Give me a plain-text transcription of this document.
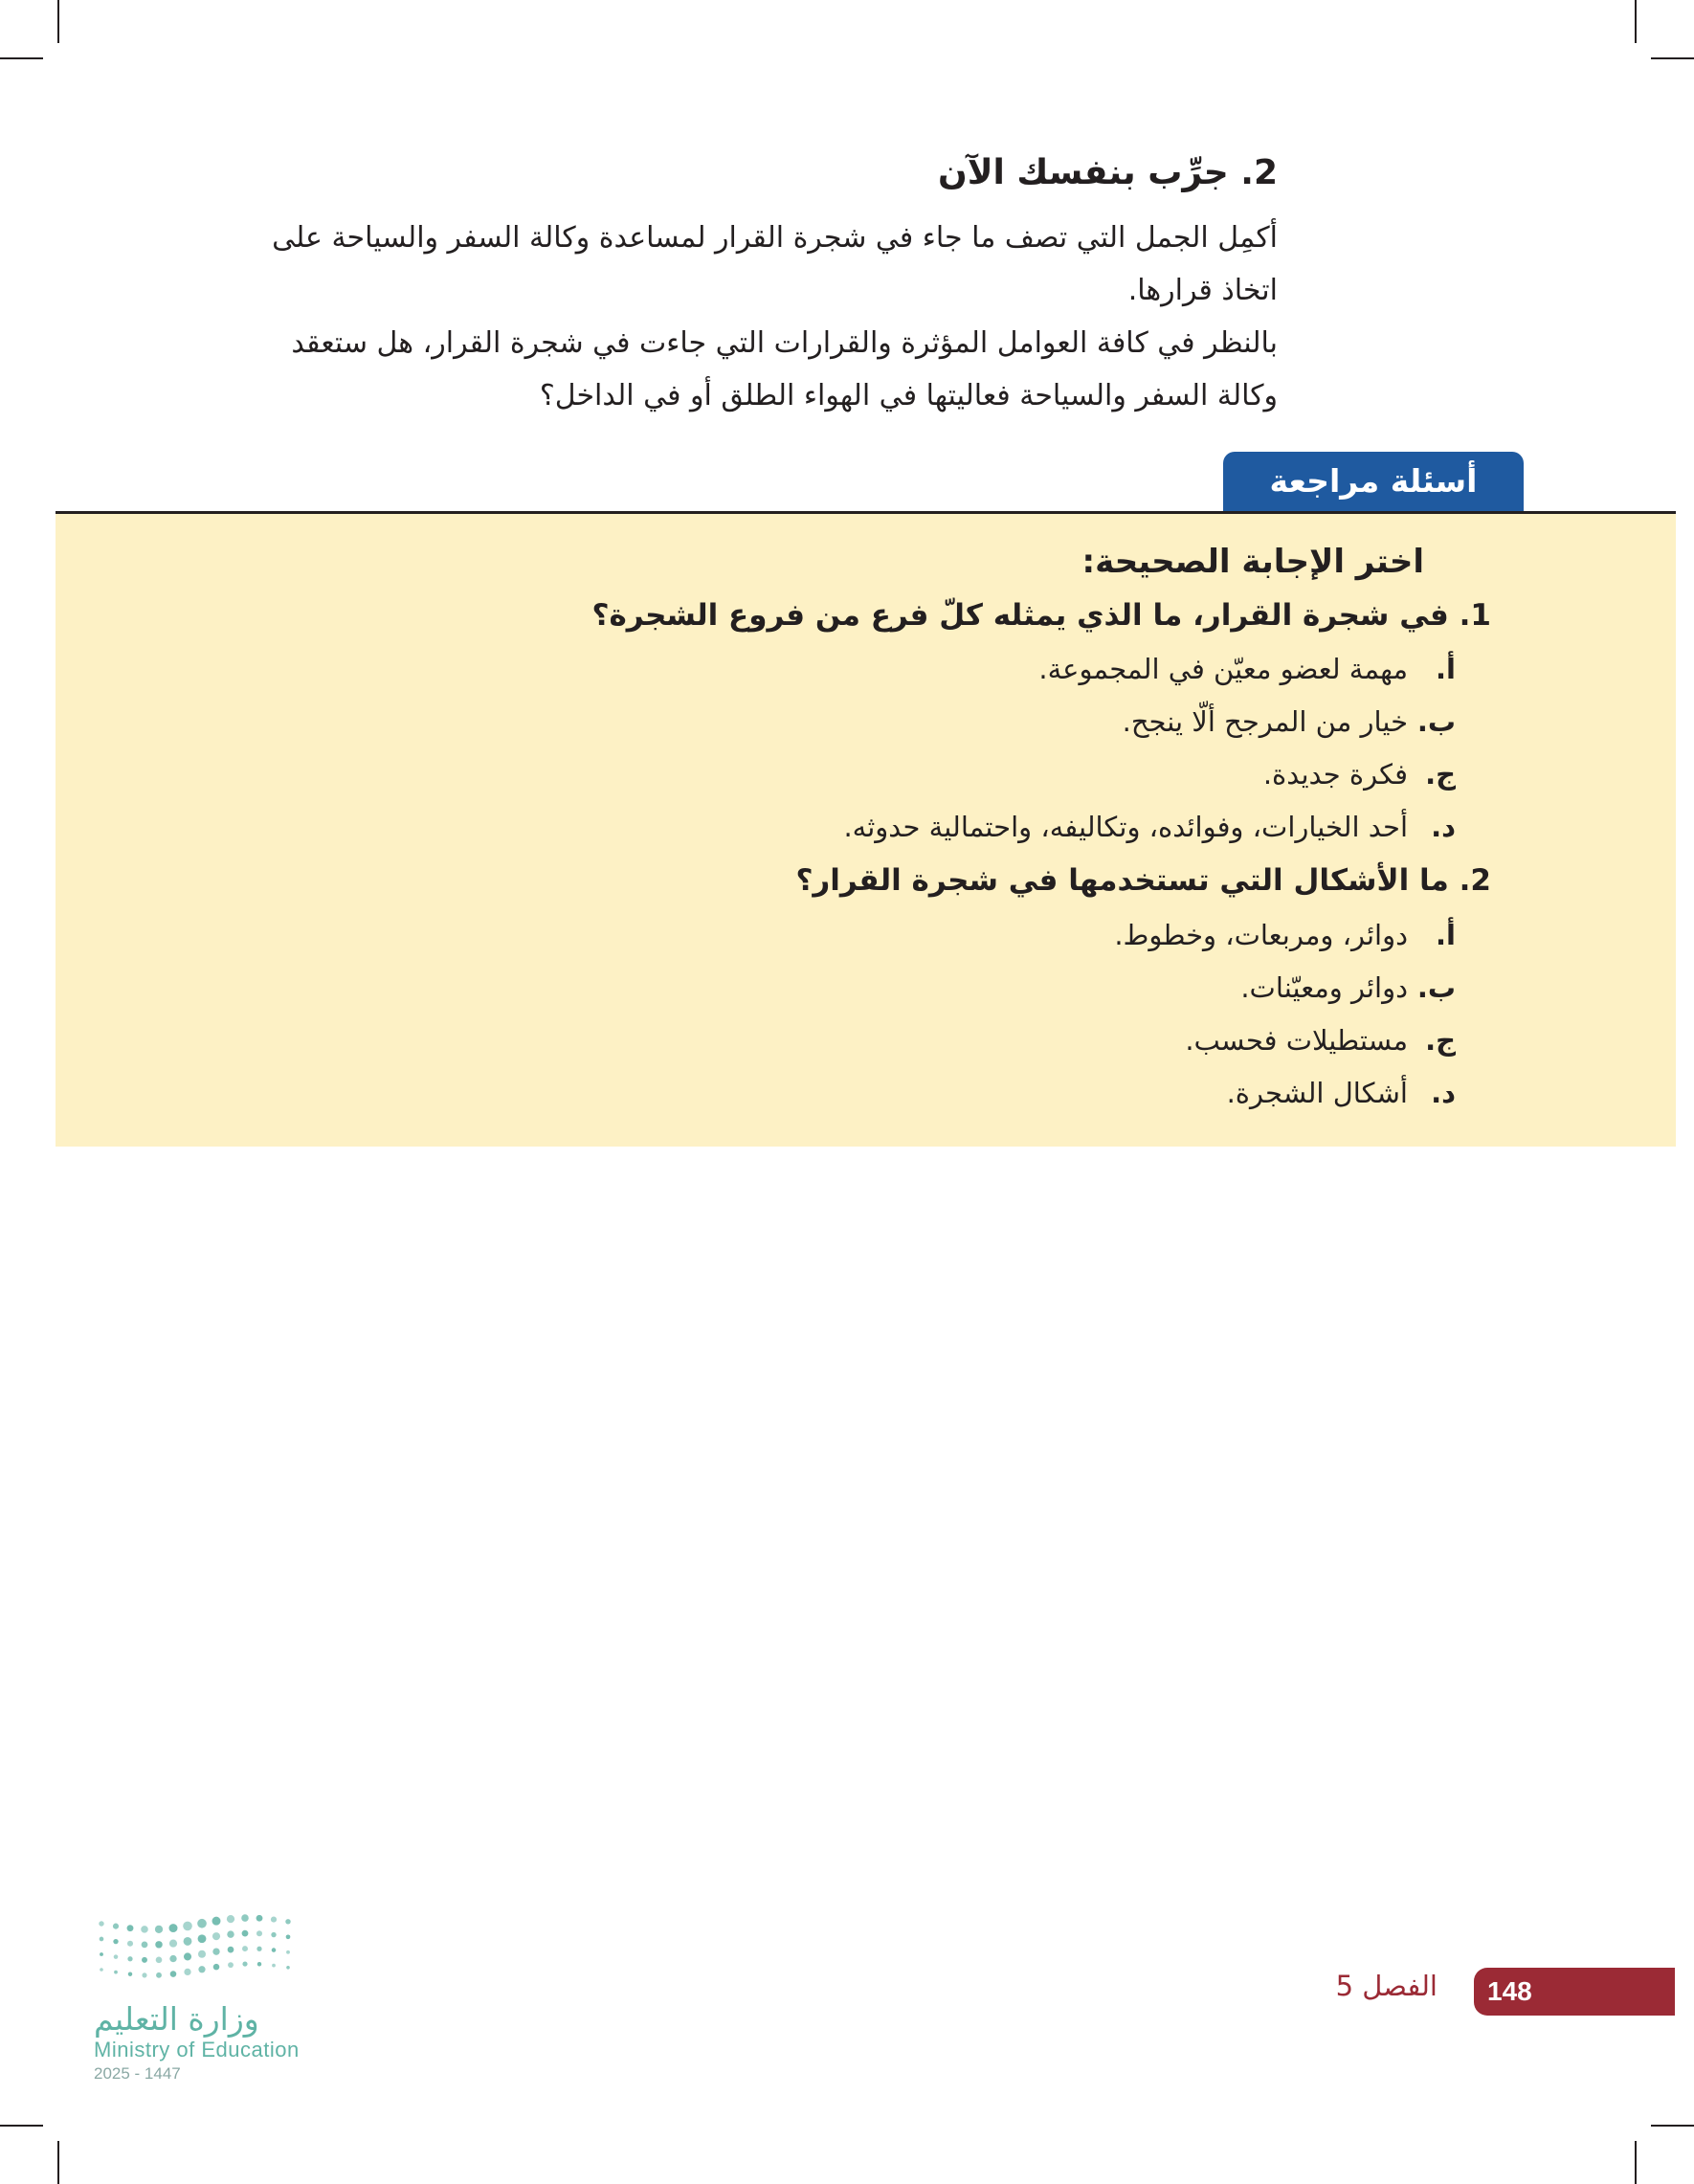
2. جرِّب بنفسك الآن

أكمِل الجمل التي تصف ما جاء في شجرة القرار لمساعدة وكالة السفر والسياحة على اتخاذ قرارها.

بالنظر في كافة العوامل المؤثرة والقرارات التي جاءت في شجرة القرار، هل ستعقد وكالة السفر والسياحة فعاليتها في الهواء الطلق أو في الداخل؟

أسئلة مراجعة
اختر الإجابة الصحيحة:
1. في شجرة القرار، ما الذي يمثله كلّ فرع من فروع الشجرة؟
أ.
مهمة لعضو معيّن في المجموعة.
ب.
خيار من المرجح ألّا ينجح.
ج.
فكرة جديدة.
د.
أحد الخيارات، وفوائده، وتكاليفه، واحتمالية حدوثه.
2. ما الأشكال التي تستخدمها في شجرة القرار؟
أ.
دوائر، ومربعات، وخطوط.
ب.
دوائر ومعيّنات.
ج.
مستطيلات فحسب.
د.
أشكال الشجرة.
148
الفصل 5
وزارة التعليم
Ministry of Education
2025 - 1447
